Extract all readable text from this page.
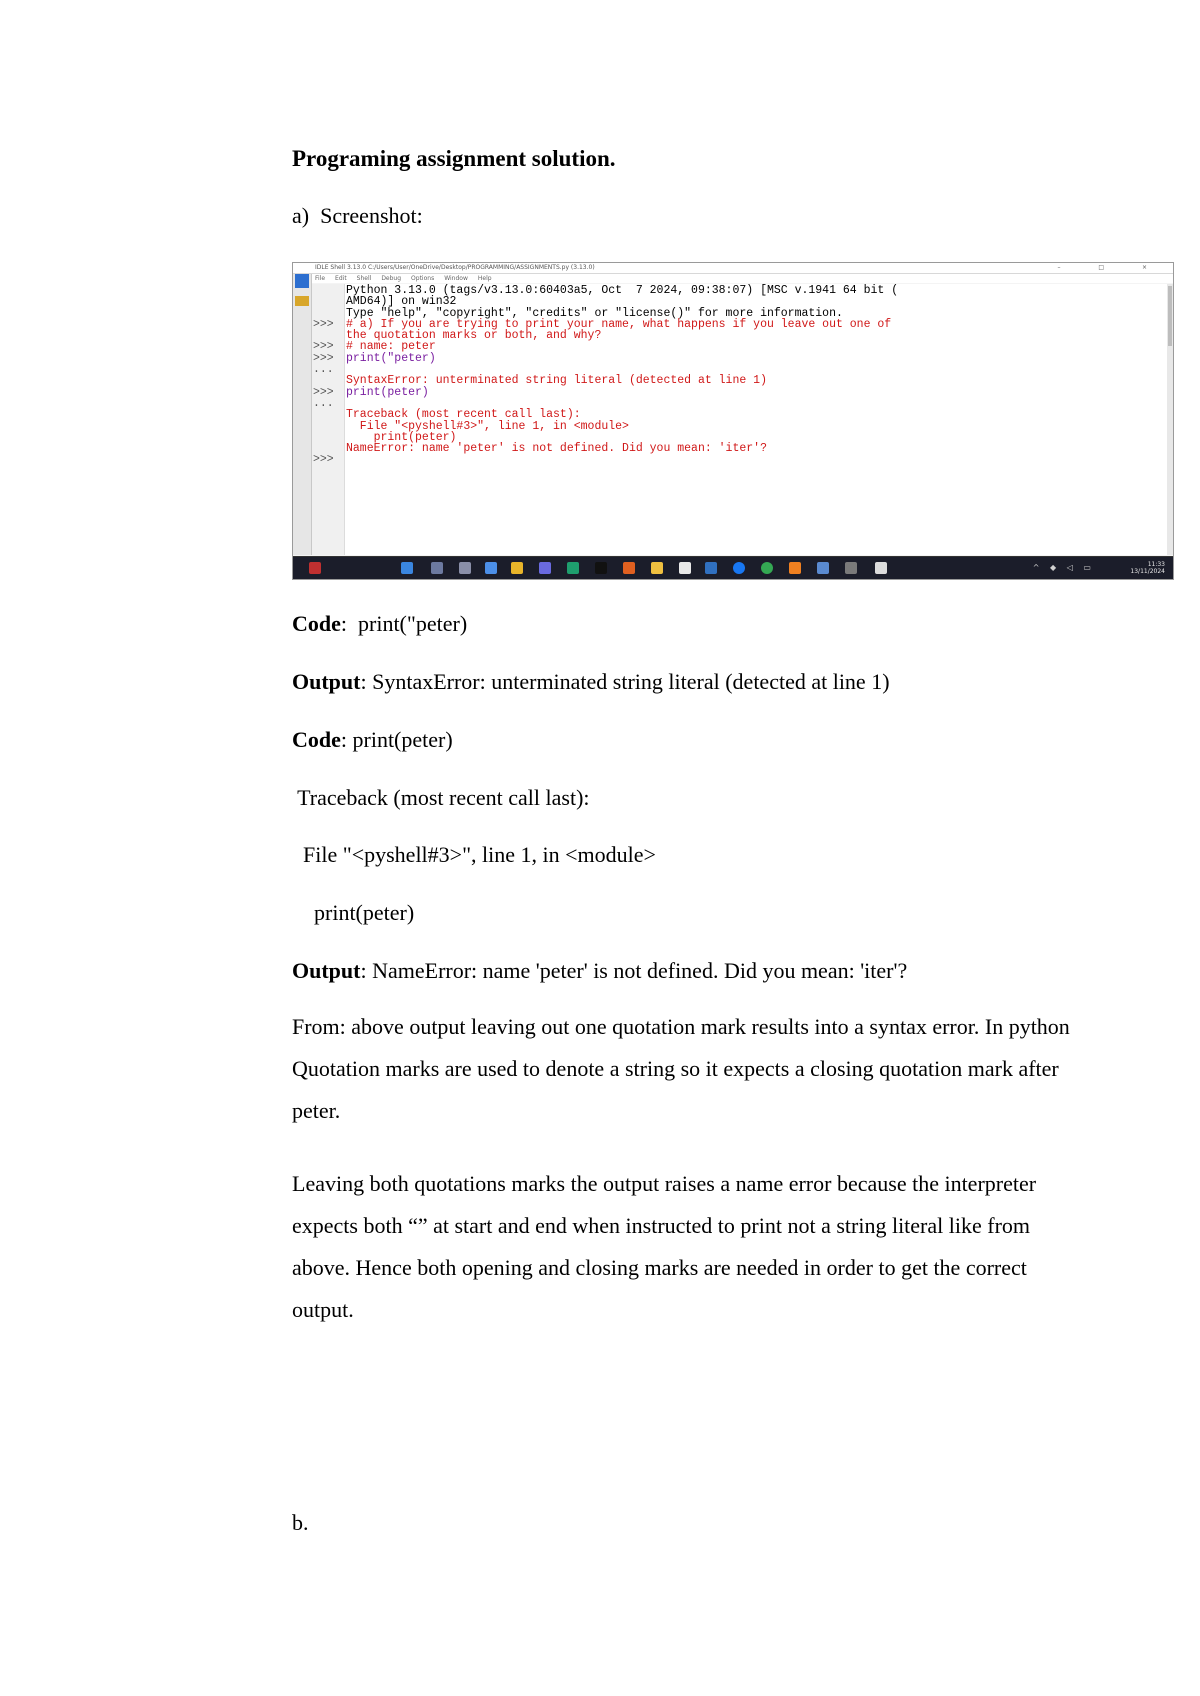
Programing assignment solution.
a) Screenshot:
IDLE Shell 3.13.0 C:/Users/User/OneDrive/Desktop/PROGRAMMING/ASSIGNMENTS.py (3.13.0)	– □ ×
File Edit Shell Debug Options Window Help
Python 3.13.0 (tags/v3.13.0:60403a5, Oct  7 2024, 09:38:07) [MSC v.1941 64 bit (
AMD64)] on win32
Type "help", "copyright", "credits" or "license()" for more information.
>>>	# a) If you are trying to print your name, what happens if you leave out one of
the quotation marks or both, and why?
>>>	# name: peter
>>>	print("peter)
...
SyntaxError: unterminated string literal (detected at line 1)
>>>	print(peter)
...
Traceback (most recent call last):
File "<pyshell#3>", line 1, in <module>
print(peter)
NameError: name 'peter' is not defined. Did you mean: 'iter'?
>>>
^ ◆ ◁ ▭	11:33
13/11/2024
Code:  print("peter)
Output: SyntaxError: unterminated string literal (detected at line 1)
Code: print(peter)
Traceback (most recent call last):
File "<pyshell#3>", line 1, in <module>
print(peter)
Output: NameError: name 'peter' is not defined. Did you mean: 'iter'?
From: above output leaving out one quotation mark results into a syntax error. In python Quotation marks are used to denote a string so it expects a closing quotation mark after peter.
Leaving both quotations marks the output raises a name error because the interpreter expects both “” at start and end when instructed to print not a string literal like from above. Hence both opening and closing marks are needed in order to get the correct output.
b.
